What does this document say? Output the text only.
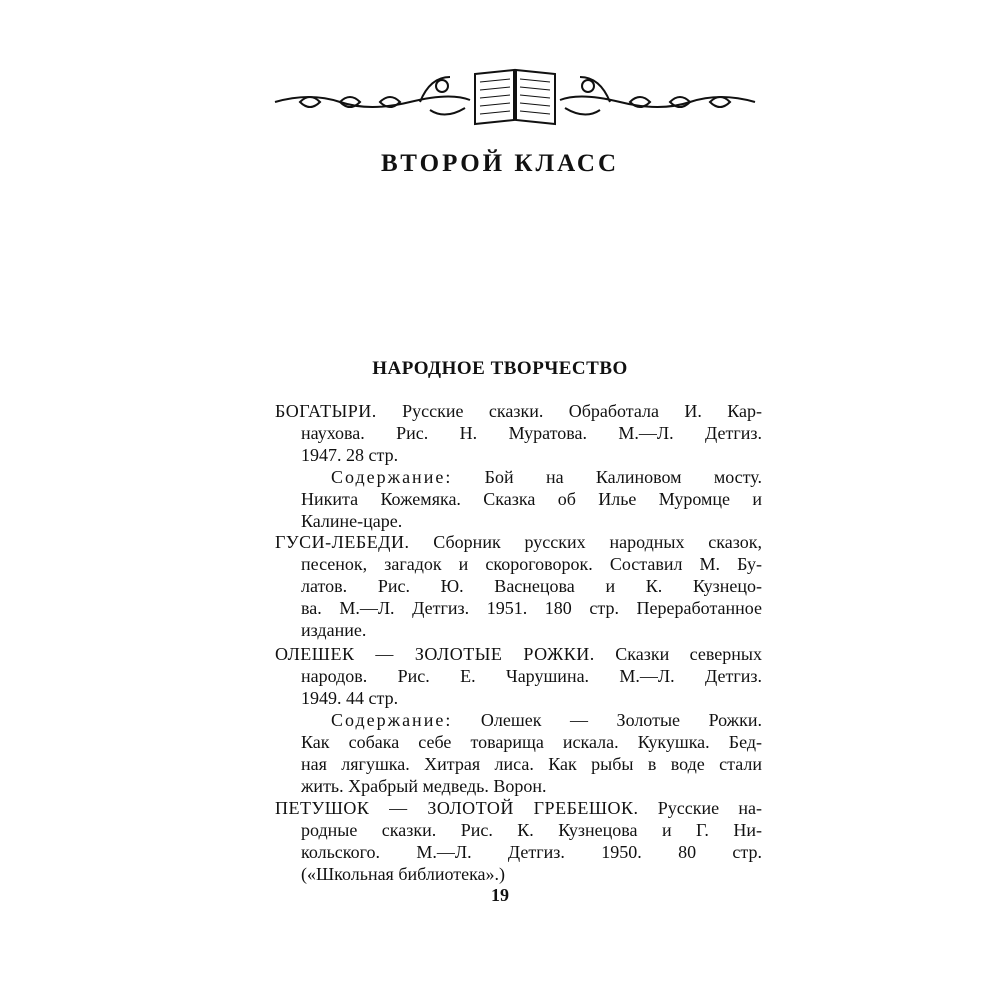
ВТОРОЙ КЛАСС
НАРОДНОЕ ТВОРЧЕСТВО
БОГАТЫРИ. Русские сказки. Обработала И. Кар-
наухова. Рис. Н. Муратова. М.—Л. Детгиз.
1947. 28 стр.
Содержание: Бой на Калиновом мосту.
Никита Кожемяка. Сказка об Илье Муромце и
Калине-царе.
ГУСИ-ЛЕБЕДИ. Сборник русских народных сказок,
песенок, загадок и скороговорок. Составил М. Бу-
латов. Рис. Ю. Васнецова и К. Кузнецо-
ва. М.—Л. Детгиз. 1951. 180 стр. Переработанное
издание.
ОЛЕШЕК — ЗОЛОТЫЕ РОЖКИ. Сказки северных
народов. Рис. Е. Чарушина. М.—Л. Детгиз.
1949. 44 стр.
Содержание: Олешек — Золотые Рожки.
Как собака себе товарища искала. Кукушка. Бед-
ная лягушка. Хитрая лиса. Как рыбы в воде стали
жить. Храбрый медведь. Ворон.
ПЕТУШОК — ЗОЛОТОЙ ГРЕБЕШОК. Русские на-
родные сказки. Рис. К. Кузнецова и Г. Ни-
кольского. М.—Л. Детгиз. 1950. 80 стр.
(«Школьная библиотека».)
19
